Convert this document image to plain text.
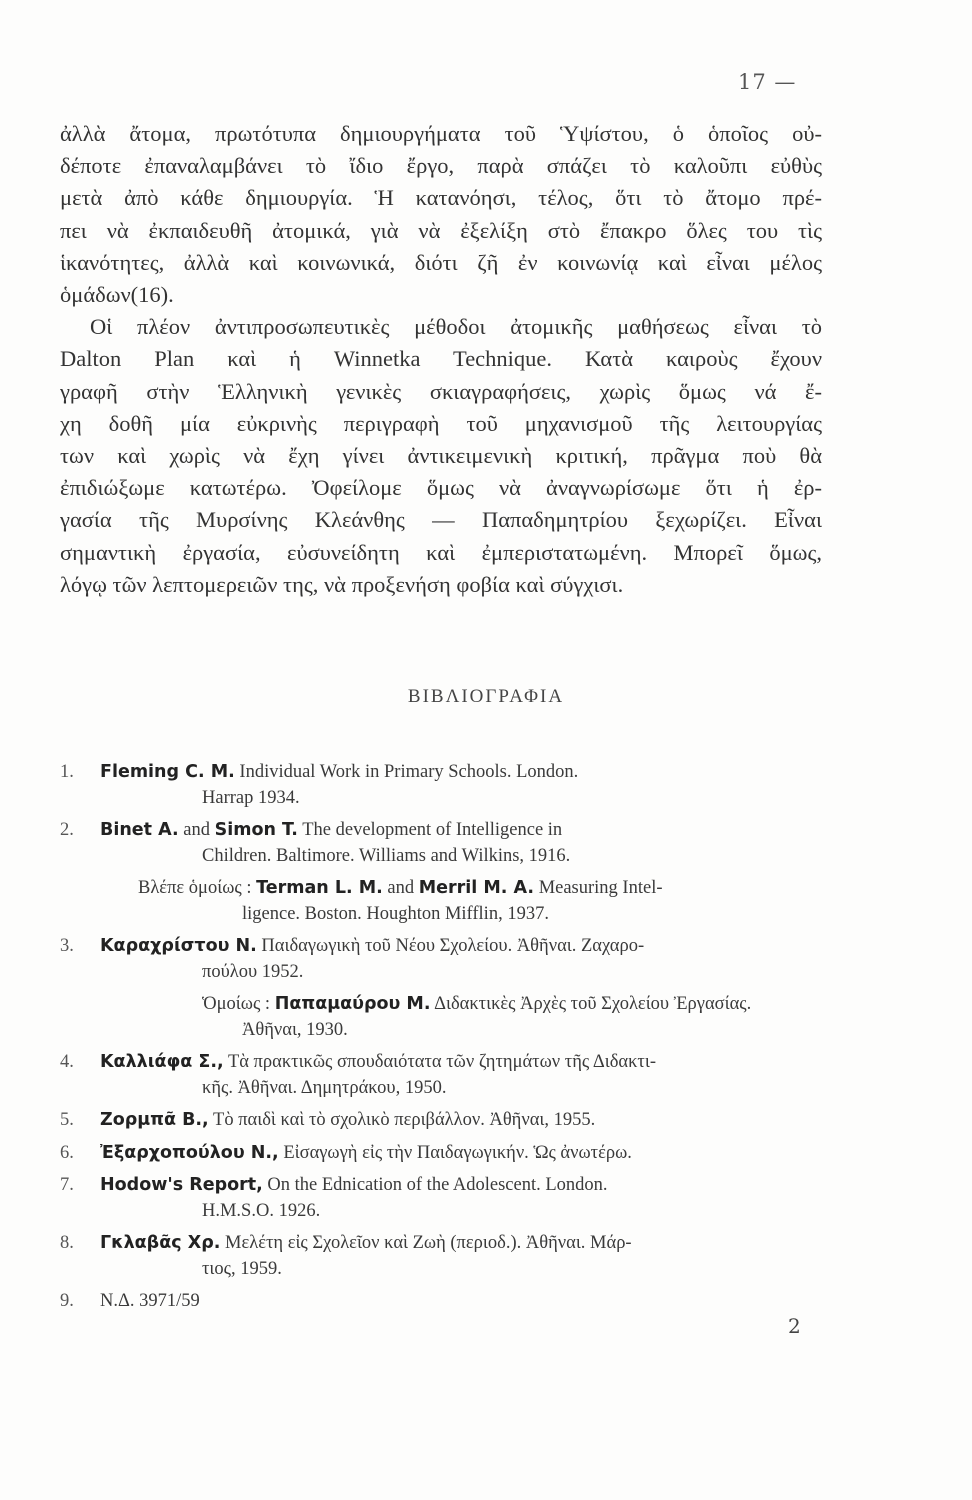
17 —
ἀλλὰ ἄτομα, πρωτότυπα δημιουργήματα τοῦ Ὑψίστου, ὁ ὁποῖος οὐ-
δέποτε ἐπαναλαμβάνει τὸ ἴδιο ἔργο, παρὰ σπάζει τὸ καλοῦπι εὐθὺς
μετὰ ἀπὸ κάθε δημιουργία. Ἡ κατανόησι, τέλος, ὅτι τὸ ἄτομο πρέ-
πει νὰ ἐκπαιδευθῆ ἀτομικά, γιὰ νὰ ἐξελίξη στὸ ἔπακρο ὅλες του τὶς
ἱκανότητες, ἀλλὰ καὶ κοινωνικά, διότι ζῆ ἐν κοινωνίᾳ καὶ εἶναι μέλος
ὁμάδων(16).
Οἱ πλέον ἀντιπροσωπευτικὲς μέθοδοι ἀτομικῆς μαθήσεως εἶναι τὸ
Dalton Plan καὶ ἡ Winnetka Technique. Κατὰ καιροὺς ἔχουν
γραφῆ στὴν Ἑλληνικὴ γενικὲς σκιαγραφήσεις, χωρὶς ὅμως νά ἔ-
χη δοθῆ μία εὐκρινὴς περιγραφὴ τοῦ μηχανισμοῦ τῆς λειτουργίας
των καὶ χωρὶς νὰ ἔχη γίνει ἀντικειμενικὴ κριτική, πρᾶγμα ποὺ θὰ
ἐπιδιώξωμε κατωτέρω. Ὀφείλομε ὅμως νὰ ἀναγνωρίσωμε ὅτι ἡ ἐρ-
γασία τῆς Μυρσίνης Κλεάνθης — Παπαδημητρίου ξεχωρίζει. Εἶναι
σημαντικὴ ἐργασία, εὐσυνείδητη καὶ ἐμπεριστατωμένη. Μπορεῖ ὅμως,
λόγῳ τῶν λεπτομερειῶν της, νὰ προξενήση φοβία καὶ σύγχισι.
ΒΙΒΛΙΟΓΡΑΦΙΑ
1.	Fleming C. M. Individual Work in Primary Schools. London.
Harrap 1934.
2.	Binet A. and Simon T. The development of Intelligence in
Children. Baltimore. Williams and Wilkins, 1916.
Βλέπε ὁμοίως : Terman L. M. and Merril M. A. Measuring Intel-
ligence. Boston. Houghton Mifflin, 1937.
3.	Καραχρίστου Ν. Παιδαγωγικὴ τοῦ Νέου Σχολείου. Ἀθῆναι. Ζαχαρο-
πούλου 1952.
Ὁμοίως : Παπαμαύρου Μ. Διδακτικὲς Ἀρχὲς τοῦ Σχολείου Ἐργασίας.
Ἀθῆναι, 1930.
4.	Καλλιάφα Σ., Τὰ πρακτικῶς σπουδαιότατα τῶν ζητημάτων τῆς Διδακτι-
κῆς. Ἀθῆναι. Δημητράκου, 1950.
5.	Ζορμπᾶ Β., Τὸ παιδὶ καὶ τὸ σχολικὸ περιβάλλον. Ἀθῆναι, 1955.
6.	Ἐξαρχοπούλου Ν., Εἰσαγωγὴ εἰς τὴν Παιδαγωγικήν. Ὡς ἀνωτέρω.
7.	Hodow's Report, On the Ednication of the Adolescent. London.
H.M.S.O. 1926.
8.	Γκλαβᾶς Χρ. Μελέτη εἰς Σχολεῖον καὶ Ζωὴ (περιοδ.). Ἀθῆναι. Μάρ-
τιος, 1959.
9.	Ν.Δ. 3971/59
2
